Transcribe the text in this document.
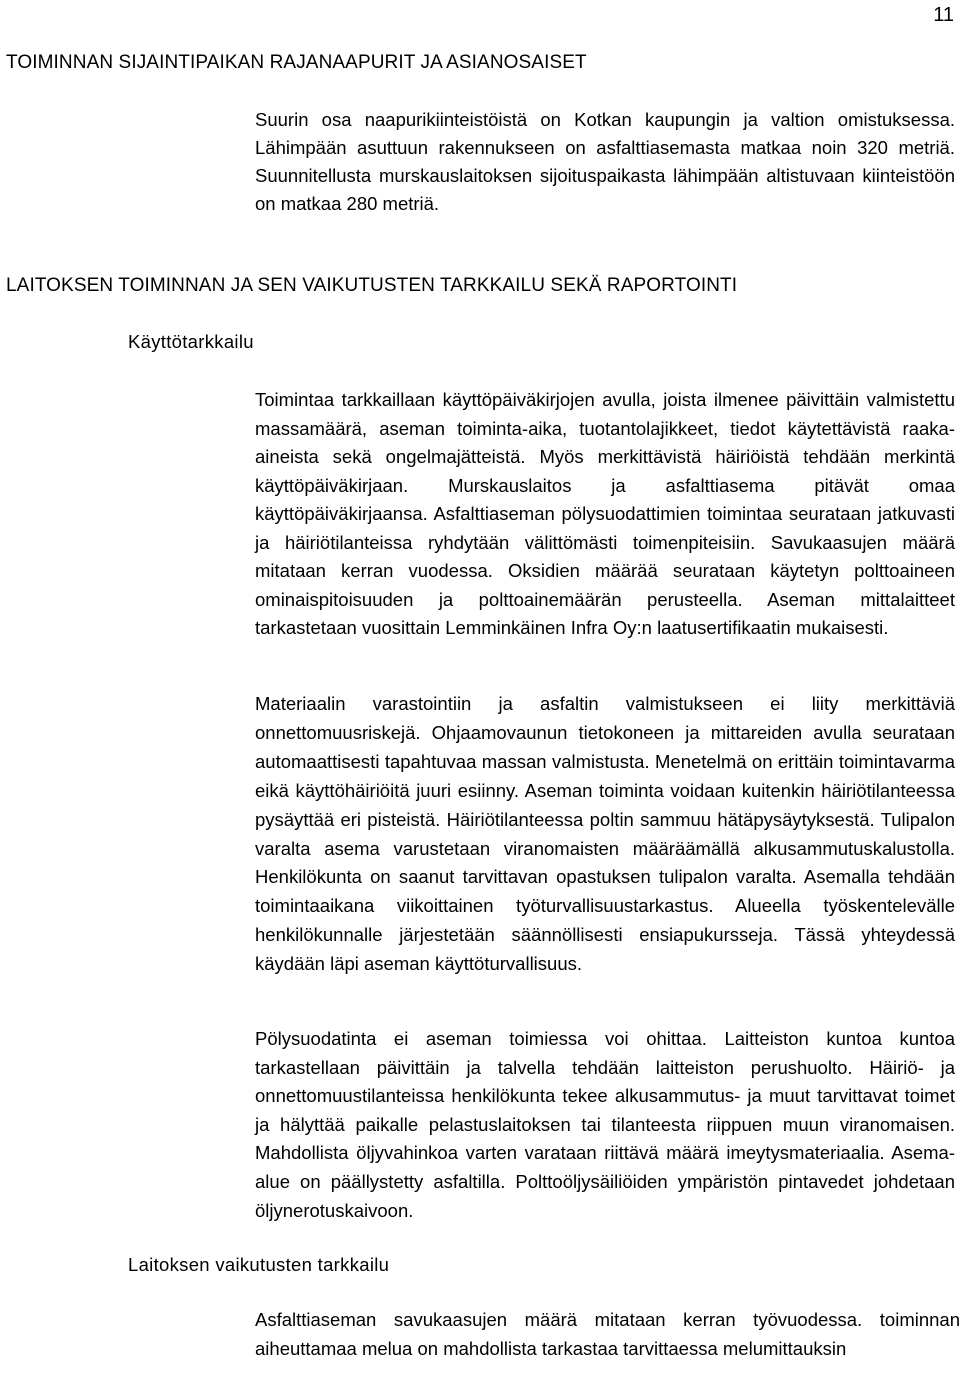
11
TOIMINNAN SIJAINTIPAIKAN RAJANAAPURIT JA ASIANOSAISET

Suurin osa naapurikiinteistöistä on Kotkan kaupungin ja valtion omistuksessa. Lähimpään asuttuun rakennukseen on asfalttiasemasta matkaa noin 320 metriä. Suunnitellusta murskauslaitoksen sijoituspaikasta lähimpään altistuvaan kiinteistöön on matkaa 280 metriä.

LAITOKSEN TOIMINNAN JA SEN VAIKUTUSTEN TARKKAILU SEKÄ RAPORTOINTI
Käyttötarkkailu

Toimintaa tarkkaillaan käyttöpäiväkirjojen avulla, joista ilmenee päivittäin valmistettu massamäärä, aseman toiminta-aika, tuotantolajikkeet, tiedot käytettävistä raaka-aineista sekä ongelmajätteistä. Myös merkittävistä häiriöistä tehdään merkintä käyttöpäiväkirjaan. Murskauslaitos ja asfalttiasema pitävät omaa käyttöpäiväkirjaansa. Asfalttiaseman pölysuodattimien toimintaa seurataan jatkuvasti ja häiriötilanteissa ryhdytään välittömästi toimenpiteisiin. Savukaasujen määrä mitataan kerran vuodessa. Oksidien määrää seurataan käytetyn polttoaineen ominaispitoisuuden ja polttoainemäärän perusteella. Aseman mittalaitteet tarkastetaan vuosittain Lemminkäinen Infra Oy:n laatusertifikaatin mukaisesti.

Materiaalin varastointiin ja asfaltin valmistukseen ei liity merkittäviä onnettomuusriskejä. Ohjaamovaunun tietokoneen ja mittareiden avulla seurataan automaattisesti tapahtuvaa massan valmistusta. Menetelmä on erittäin toimintavarma eikä käyttöhäiriöitä juuri esiinny. Aseman toiminta voidaan kuitenkin häiriötilanteessa pysäyttää eri pisteistä. Häiriötilanteessa poltin sammuu hätäpysäytyksestä. Tulipalon varalta asema varustetaan viranomaisten määräämällä alkusammutuskalustolla. Henkilökunta on saanut tarvittavan opastuksen tulipalon varalta. Asemalla tehdään toimintaaikana viikoittainen työturvallisuustarkastus. Alueella työskentelevälle henkilökunnalle järjestetään säännöllisesti ensiapukursseja. Tässä yhteydessä käydään läpi aseman käyttöturvallisuus.

Pölysuodatinta ei aseman toimiessa voi ohittaa. Laitteiston kuntoa kuntoa tarkastellaan päivittäin ja talvella tehdään laitteiston perushuolto. Häiriö- ja onnettomuustilanteissa henkilökunta tekee alkusammutus- ja muut tarvittavat toimet ja hälyttää paikalle pelastuslaitoksen tai tilanteesta riippuen muun viranomaisen. Mahdollista öljyvahinkoa varten varataan riittävä määrä imeytysmateriaalia. Asema-alue on päällystetty asfaltilla. Polttoöljysäiliöiden ympäristön pintavedet johdetaan öljynerotuskaivoon.

Laitoksen vaikutusten tarkkailu

Asfalttiaseman savukaasujen määrä mitataan kerran työvuodessa. toiminnan aiheuttamaa melua on mahdollista tarkastaa tarvittaessa melumittauksin
